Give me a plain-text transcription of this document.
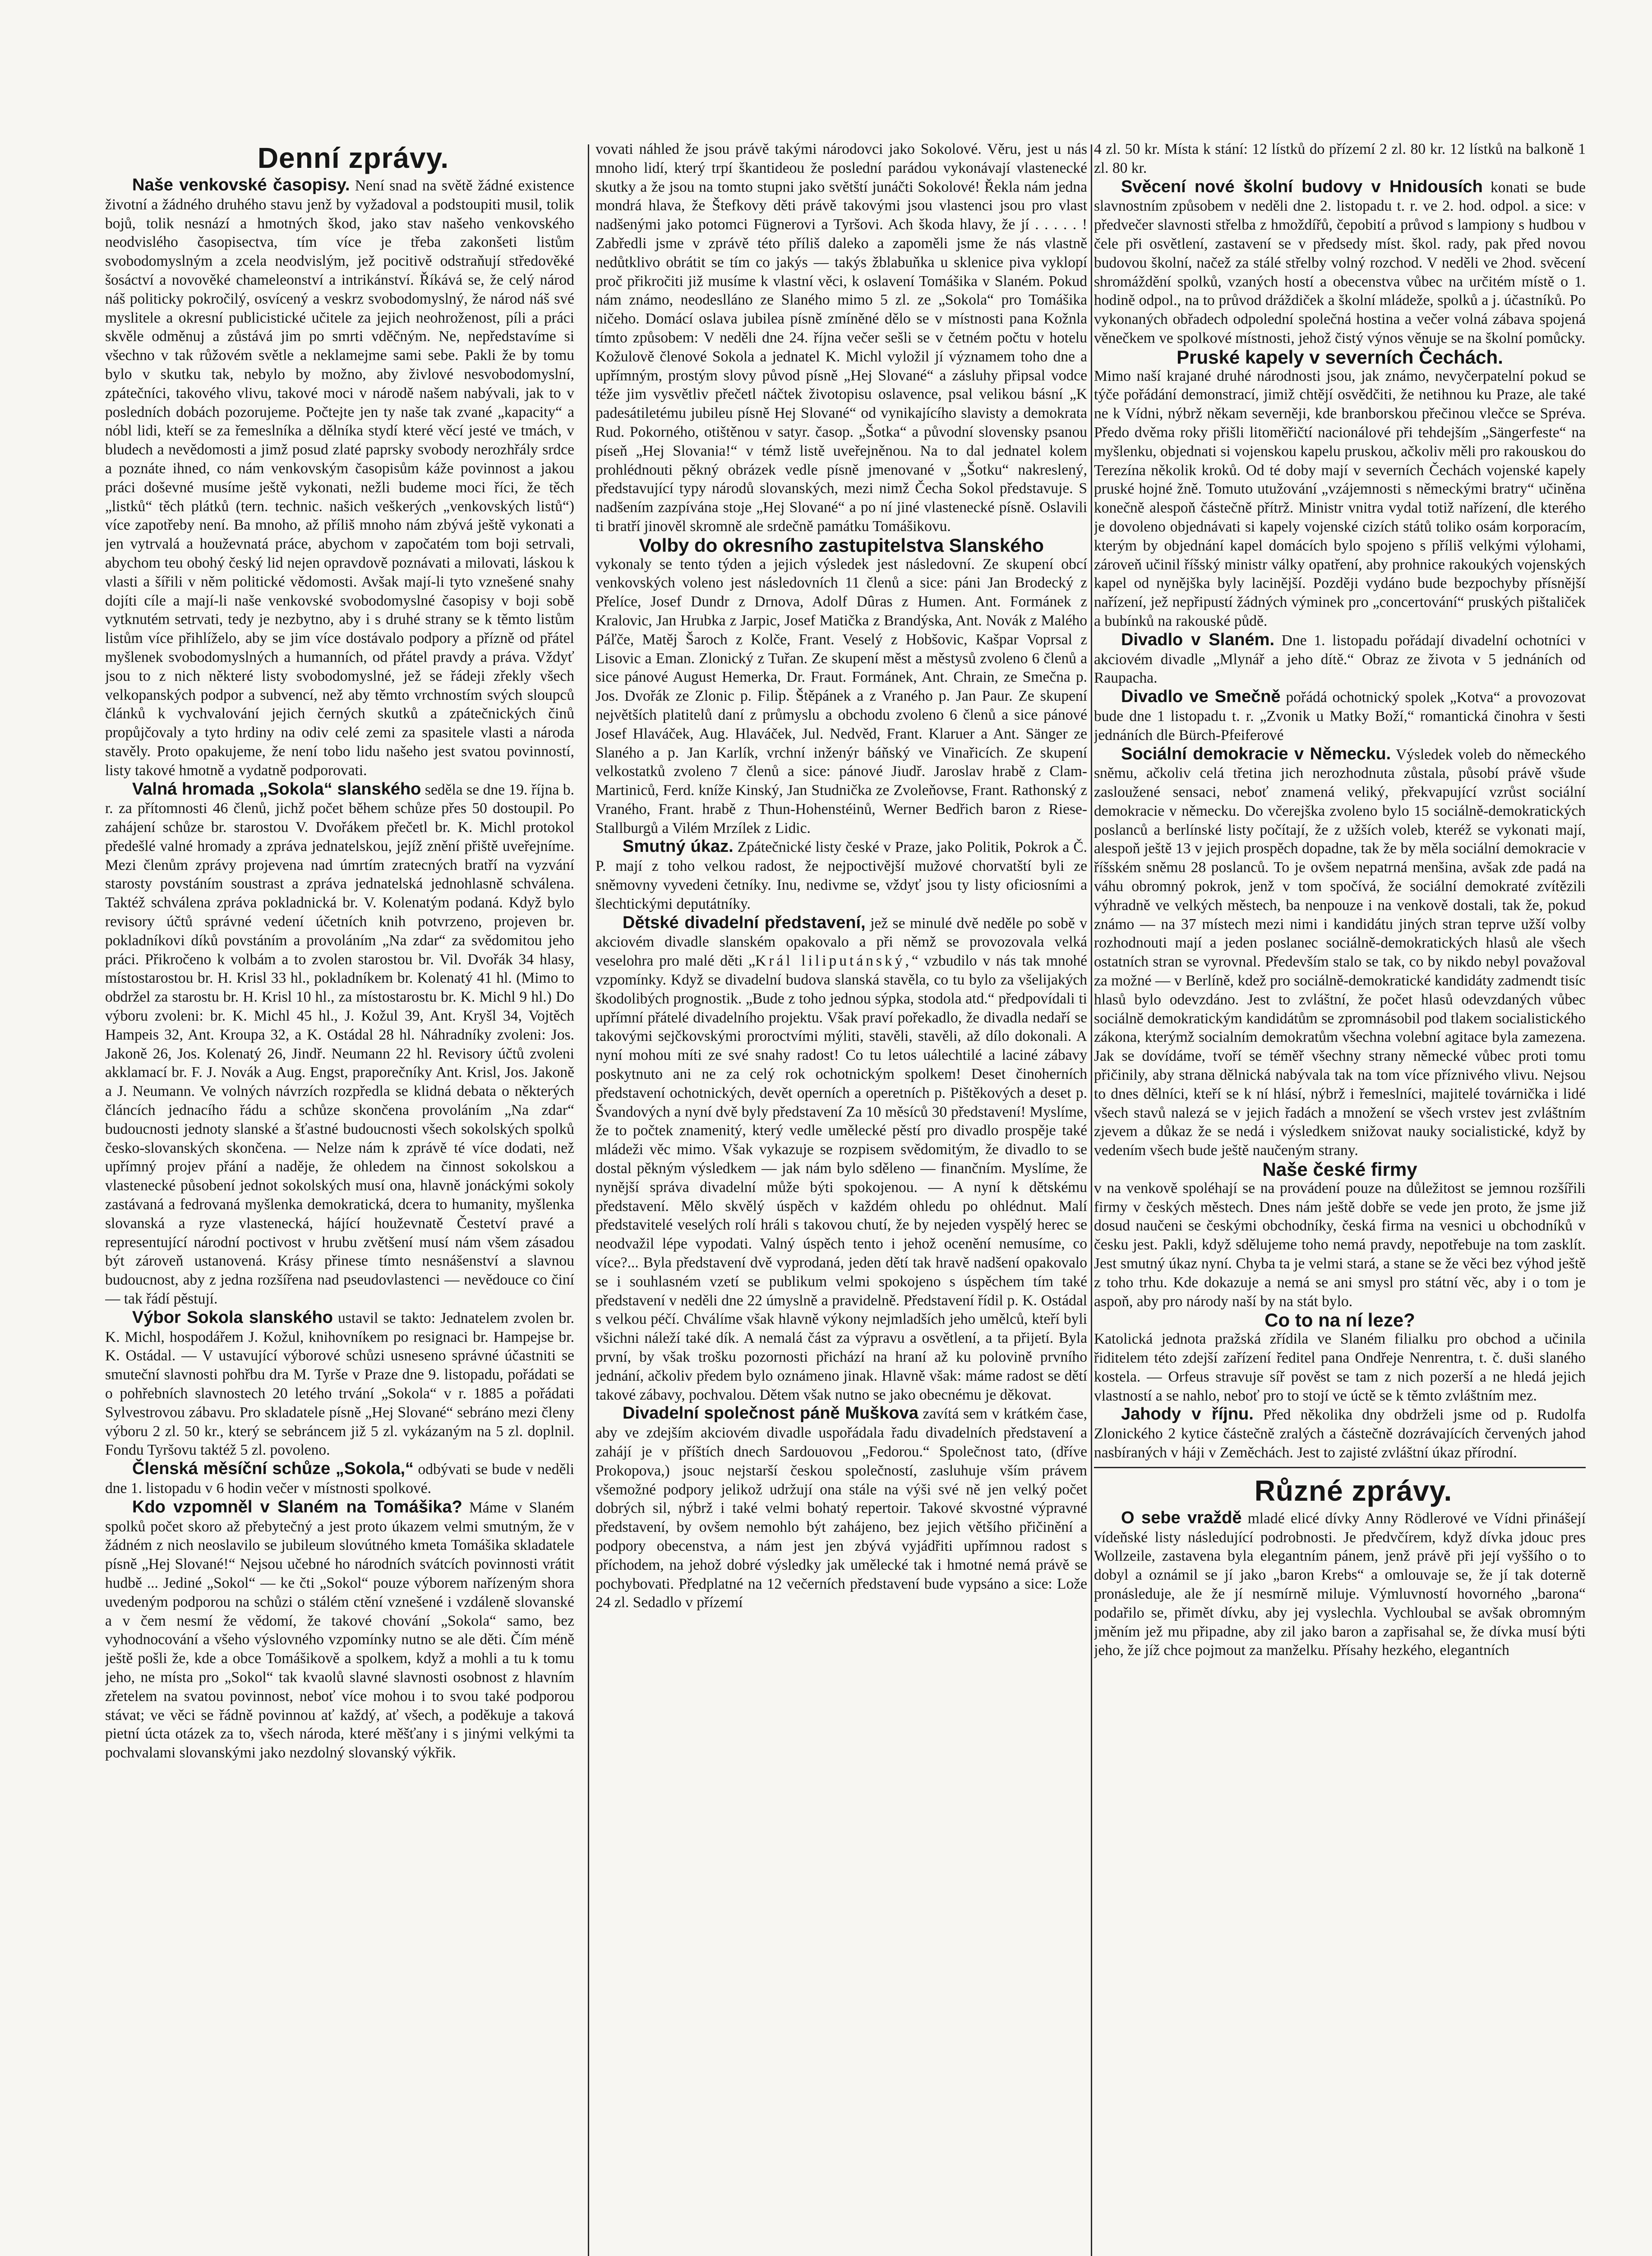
Denní zprávy.

Naše venkovské časopisy. Není snad na světě žádné existence životní a žádného druhého stavu jenž by vyžadoval a podstoupiti musil, tolik bojů, tolik nesnází a hmotných škod, jako stav našeho venkovského neodvislého časopisectva, tím více je třeba zakonšeti listům svobodomyslným a zcela neodvislým, jež pocitivě odstraňují středověké šosáctví a novověké chameleonství a intrikánství. Říkává se, že celý národ náš politicky pokročilý, osvícený a veskrz svobodomyslný, že národ náš své myslitele a okresní publicistické učitele za jejich neohroženost, píli a práci skvěle odměnuj a zůstává jim po smrti vděčným. Ne, nepředstavíme si všechno v tak růžovém světle a neklamejme sami sebe. Pakli že by tomu bylo v skutku tak, nebylo by možno, aby živlové nesvobodomyslní, zpátečníci, takového vlivu, takové moci v národě našem nabývali, jak to v posledních dobách pozorujeme. Počtejte jen ty naše tak zvané „kapacity“ a nóbl lidi, kteří se za řemeslníka a dělníka stydí které věcí jesté ve tmách, v bludech a nevědomosti a jimž posud zlaté paprsky svobody nerozhřály srdce a poznáte ihned, co nám venkovským časopisům káže povinnost a jakou práci doševné musíme ještě vykonati, nežli budeme moci říci, že těch „listků“ těch plátků (tern. technic. našich veškerých „venkovských listů“) více zapotřeby není. Ba mnoho, až příliš mnoho nám zbývá ještě vykonati a jen vytrvalá a houževnatá práce, abychom v započatém tom boji setrvali, abychom teu obohý český lid nejen opravdově poznávati a milovati, láskou k vlasti a šířili v něm politické vědomosti. Avšak mají-li tyto vznešené snahy dojíti cíle a mají-li naše venkovské svobodomyslné časopisy v boji sobě vytknutém setrvati, tedy je nezbytno, aby i s druhé strany se k těmto listům listům více přihlíželo, aby se jim více dostávalo podpory a přízně od přátel myšlenek svobodomyslných a humanních, od přátel pravdy a práva. Vždyť jsou to z nich některé listy svobodomyslné, jež se řádeji zřekly všech velkopanských podpor a subvencí, než aby těmto vrchnostím svých sloupců článků k vychvalování jejich černých skutků a zpátečnických činů propůjčovaly a tyto hrdiny na odiv celé zemi za spasitele vlasti a národa stavěly. Proto opakujeme, že není tobo lidu našeho jest svatou povinností, listy takové hmotně a vydatně podporovati.

Valná hromada „Sokola“ slanského seděla se dne 19. října b. r. za přítomnosti 46 členů, jichž počet během schůze přes 50 dostoupil. Po zahájení schůze br. starostou V. Dvořákem přečetl br. K. Michl protokol předešlé valné hromady a zpráva jednatelskou, jejíž znění přiště uveřejníme. Mezi členům zprávy projevena nad úmrtím zratecných bratří na vyzvání starosty povstáním soustrast a zpráva jednatelská jednohlasně schválena. Taktéž schválena zpráva pokladnická br. V. Kolenatým podaná. Když bylo revisory účtů správné vedení účetních knih potvrzeno, projeven br. pokladníkovi díků povstáním a provoláním „Na zdar“ za svědomitou jeho práci. Přikročeno k volbám a to zvolen starostou br. Vil. Dvořák 34 hlasy, místostarostou br. H. Krisl 33 hl., pokladníkem br. Kolenatý 41 hl. (Mimo to obdržel za starostu br. H. Krisl 10 hl., za místostarostu br. K. Michl 9 hl.) Do výboru zvoleni: br. K. Michl 45 hl., J. Kožul 39, Ant. Kryšl 34, Vojtěch Hampeis 32, Ant. Kroupa 32, a K. Ostádal 28 hl. Náhradníky zvoleni: Jos. Jakoně 26, Jos. Kolenatý 26, Jindř. Neumann 22 hl. Revisory účtů zvoleni akklamací br. F. J. Novák a Aug. Engst, praporečníky Ant. Krisl, Jos. Jakoně a J. Neumann. Ve volných návrzích rozpředla se klidná debata o některých článcích jednacího řádu a schůze skončena provoláním „Na zdar“ budoucnosti jednoty slanské a šťastné budoucnosti všech sokolských spolků česko-slovanských skončena. — Nelze nám k zprávě té více dodati, než upřímný projev přání a naděje, že ohledem na činnost sokolskou a vlastenecké působení jednot sokolských musí ona, hlavně jonáckými sokoly zastávaná a fedrovaná myšlenka demokratická, dcera to humanity, myšlenka slovanská a ryze vlastenecká, hájící houževnatě Čestetví pravé a representující národní poctivost v hrubu zvětšení musí nám všem zásadou být zároveň ustanovená. Krásy přinese tímto nesnášenství a slavnou budoucnost, aby z jedna rozšířena nad pseudovlastenci — nevědouce co činí — tak řádí pěstují.

Výbor Sokola slanského ustavil se takto: Jednatelem zvolen br. K. Michl, hospodářem J. Kožul, knihovníkem po resignaci br. Hampejse br. K. Ostádal. — V ustavující výborové schůzi usneseno správné účastniti se smuteční slavnosti pohřbu dra M. Tyrše v Praze dne 9. listopadu, pořádati se o pohřebních slavnostech 20 letého trvání „Sokola“ v r. 1885 a pořádati Sylvestrovou zábavu. Pro skladatele písně „Hej Slované“ sebráno mezi členy výboru 2 zl. 50 kr., který se sebráncem již 5 zl. vykázaným na 5 zl. doplnil. Fondu Tyršovu taktéž 5 zl. povoleno.

Členská měsíční schůze „Sokola,“ odbývati se bude v neděli dne 1. listopadu v 6 hodin večer v místnosti spolkové.

Kdo vzpomněl v Slaném na Tomášika? Máme v Slaném spolků počet skoro až přebytečný a jest proto úkazem velmi smutným, že v žádném z nich neoslavilo se jubileum slovútného kmeta Tomášika skladatele písně „Hej Slované!“ Nejsou učebné ho národních svátcích povinnosti vrátit hudbě ... Jediné „Sokol“ — ke čti „Sokol“ pouze výborem nařízeným shora uvedeným podporou na schůzi o stálém ctění vznešené i vzdáleně slovanské a v čem nesmí že vědomí, že takové chování „Sokola“ samo, bez vyhodnocování a všeho výslovného vzpomínky nutno se ale děti. Čím méně ještě pošli že, kde a obce Tomášikově a spolkem, když a mohli a tu k tomu jeho, ne místa pro „Sokol“ tak kvaolů slavné slavnosti osobnost z hlavním zřetelem na svatou povinnost, neboť více mohou i to svou také podporou stávat; ve věci se řádně povinnou ať každý, ať všech, a poděkuje a taková pietní úcta otázek za to, všech národa, které měšťany i s jinými velkými ta pochvalami slovanskými jako nezdolný slovanský výkřik.

vovati náhled že jsou právě takými národovci jako Sokolové. Věru, jest u nás mnoho lidí, který trpí škantideou že poslední parádou vykonávají vlastenecké skutky a že jsou na tomto stupni jako světští junáčti Sokolové! Řekla nám jedna mondrá hlava, že Štefkovy děti právě takovými jsou vlastenci jsou pro vlast nadšenými jako potomci Fügnerovi a Tyršovi. Ach škoda hlavy, že jí . . . . . ! Zabředli jsme v zprávě této příliš daleko a zapoměli jsme že nás vlastně nedůtklivo obrátit se tím co jakýs — takýs žblabuňka u sklenice piva vyklopí proč přikročiti již musíme k vlastní věci, k oslavení Tomášika v Slaném. Pokud nám známo, neodeslláno ze Slaného mimo 5 zl. ze „Sokola“ pro Tomášika ničeho. Domácí oslava jubilea písně zmíněné dělo se v místnosti pana Kožnla tímto způsobem: V neděli dne 24. října večer sešli se v četném počtu v hotelu Kožulově členové Sokola a jednatel K. Michl vyložil jí významem toho dne a upřímným, prostým slovy původ písně „Hej Slované“ a zásluhy připsal vodce téže jim vysvětliv přečetl náčtek životopisu oslavence, psal velikou básní „K padesátiletému jubileu písně Hej Slované“ od vynikajícího slavisty a demokrata Rud. Pokorného, otištěnou v satyr. časop. „Šotka“ a původní slovensky psanou píseň „Hej Slovania!“ v témž listě uveřejněnou. Na to dal jednatel kolem prohlédnouti pěkný obrázek vedle písně jmenované v „Šotku“ nakreslený, představující typy národů slovanských, mezi nimž Čecha Sokol představuje. S nadšením zazpívána stoje „Hej Slované“ a po ní jiné vlastenecké písně. Oslavili ti bratří jinověl skromně ale srdečně památku Tomášikovu.

Volby do okresního zastupitelstva Slanského
vykonaly se tento týden a jejich výsledek jest následovní. Ze skupení obcí venkovských voleno jest následovních 11 členů a sice: páni Jan Brodecký z Přelíce, Josef Dundr z Drnova, Adolf Dûras z Humen. Ant. Formánek z Kralovic, Jan Hrubka z Jarpic, Josef Matička z Brandýska, Ant. Novák z Malého Páľče, Matěj Šaroch z Kolče, Frant. Veselý z Hobšovic, Kašpar Voprsal z Lisovic a Eman. Zlonický z Tuřan. Ze skupení měst a městysů zvoleno 6 členů a sice pánové August Hemerka, Dr. Fraut. Formánek, Ant. Chrain, ze Smečna p. Jos. Dvořák ze Zlonic p. Filip. Štěpánek a z Vraného p. Jan Paur. Ze skupení největších platitelů daní z průmyslu a obchodu zvoleno 6 členů a sice pánové Josef Hlaváček, Aug. Hlaváček, Jul. Nedvěd, Frant. Klaruer a Ant. Sänger ze Slaného a p. Jan Karlík, vrchní inženýr báňský ve Vinařicích. Ze skupení velkostatků zvoleno 7 členů a sice: pánové Jiudř. Jaroslav hrabě z Clam-Martiniců, Ferd. kníže Kinský, Jan Studnička ze Zvoleňovse, Frant. Rathonský z Vraného, Frant. hrabě z Thun-Hohenstéinů, Werner Bedřich baron z Riese-Stallburgů a Vilém Mrzílek z Lidic.

Smutný úkaz. Zpátečnické listy české v Praze, jako Politik, Pokrok a Č. P. mají z toho velkou radost, že nejpoctivější mužové chorvatští byli ze sněmovny vyvedeni četníky. Inu, nedivme se, vždyť jsou ty listy oficiosními a šlechtickými deputátníky.

Dětské divadelní představení, jež se minulé dvě neděle po sobě v akciovém divadle slanském opakovalo a při němž se provozovala velká veselohra pro malé děti „Král liliputánský,“ vzbudilo v nás tak mnohé vzpomínky. Když se divadelní budova slanská stavěla, co tu bylo za všelijakých škodolibých prognostik. „Bude z toho jednou sýpka, stodola atd.“ předpovídali ti upřímní přátelé divadelního projektu. Však praví pořekadlo, že divadla nedaří se takovými sejčkovskými proroctvími mýliti, stavěli, stavěli, až dílo dokonali. A nyní mohou míti ze své snahy radost! Co tu letos uálechtilé a laciné zábavy poskytnuto ani ne za celý rok ochotnickým spolkem! Deset činoherních představení ochotnických, devět operních a operetních p. Pištěkových a deset p. Švandových a nyní dvě byly představení Za 10 měsíců 30 představení! Myslíme, že to počtek znamenitý, který vedle umělecké pěstí pro divadlo prospěje také mládeži věc mimo. Však vykazuje se rozpisem svědomitým, že divadlo to se dostal pěkným výsledkem — jak nám bylo sděleno — finančním. Myslíme, že nynější správa divadelní může býti spokojenou. — A nyní k dětskému představení. Mělo skvělý úspěch v každém ohledu po ohlédnut. Malí představitelé veselých rolí hráli s takovou chutí, že by nejeden vyspělý herec se neodvažil lépe vypodati. Valný úspěch tento i jehož ocenění nemusíme, co více?... Byla představení dvě vyprodaná, jeden dětí tak hravě nadšení opakovalo se i souhlasném vzetí se publikum velmi spokojeno s úspěchem tím také představení v neděli dne 22 úmyslně a pravidelně. Představení řídil p. K. Ostádal s velkou péčí. Chválíme však hlavně výkony nejmladších jeho umělců, kteří byli všichni náleží také dík. A nemalá část za výpravu a osvětlení, a ta přijetí. Byla první, by však trošku pozornosti přichází na hraní až ku polovině prvního jednání, ačkoliv předem bylo oznámeno jinak. Hlavně však: máme radost se dětí takové zábavy, pochvalou. Dětem však nutno se jako obecnému je děkovat.

Divadelní společnost páně Muškova zavítá sem v krátkém čase, aby ve zdejším akciovém divadle uspořádala řadu divadelních představení a zahájí je v příštích dnech Sardouovou „Fedorou.“ Společnost tato, (dříve Prokopova,) jsouc nejstarší českou společností, zasluhuje vším právem všemožné podpory jelikož udržují ona stále na výši své ně jen velký počet dobrých sil, nýbrž i také velmi bohatý repertoir. Takové skvostné výpravné představení, by ovšem nemohlo být zahájeno, bez jejich většího přičinění a podpory obecenstva, a nám jest jen zbývá vyjádřiti upřímnou radost s příchodem, na jehož dobré výsledky jak umělecké tak i hmotné nemá právě se pochybovati. Předplatné na 12 večerních představení bude vypsáno a sice: Lože 24 zl. Sedadlo v přízemí

4 zl. 50 kr. Místa k stání: 12 lístků do přízemí 2 zl. 80 kr. 12 lístků na balkoně 1 zl. 80 kr.

Svěcení nové školní budovy v Hnidousích konati se bude slavnostním způsobem v neděli dne 2. listopadu t. r. ve 2. hod. odpol. a sice: v předvečer slavnosti střelba z hmoždířů, čepobití a průvod s lampiony s hudbou v čele při osvětlení, zastavení se v předsedy míst. škol. rady, pak před novou budovou školní, načež za stálé střelby volný rozchod. V neděli ve 2hod. svěcení shromáždění spolků, vzaných hostí a obecenstva vůbec na určitém místě o 1. hodině odpol., na to průvod dráždiček a školní mládeže, spolků a j. účastníků. Po vykonaných obřadech odpolední společná hostina a večer volná zábava spojená věnečkem ve spolkové místnosti, jehož čistý výnos věnuje se na školní pomůcky.

Pruské kapely v severních Čechách.
Mimo naší krajané druhé národnosti jsou, jak známo, nevyčerpatelní pokud se týče pořádání demonstrací, jimiž chtějí osvědčiti, že netihnou ku Praze, ale také ne k Vídni, nýbrž někam severněji, kde branborskou přečinou vlečce se Spréva. Předo dvěma roky přišli litoměřičtí nacionálové při tehdejším „Sängerfeste“ na myšlenku, objednati si vojenskou kapelu pruskou, ačkoliv měli pro rakouskou do Terezína několik kroků. Od té doby mají v severních Čechách vojenské kapely pruské hojné žně. Tomuto utužování „vzájemnosti s německými bratry“ učiněna konečně alespoň částečně přítrž. Ministr vnitra vydal totiž nařízení, dle kterého je dovoleno objednávati si kapely vojenské cizích států toliko osám korporacím, kterým by objednání kapel domácích bylo spojeno s příliš velkými výlohami, zároveň učinil říšský ministr války opatření, aby prohnice rakoukých vojenských kapel od nynějška byly lacinější. Později vydáno bude bezpochyby přísnější nařízení, jež nepřipustí žádných výminek pro „concertování“ pruských pištaliček a bubínků na rakouské půdě.

Divadlo v Slaném. Dne 1. listopadu pořádají divadelní ochotníci v akciovém divadle „Mlynář a jeho dítě.“ Obraz ze života v 5 jednáních od Raupacha.

Divadlo ve Smečně pořádá ochotnický spolek „Kotva“ a provozovat bude dne 1 listopadu t. r. „Zvonik u Matky Boží,“ romantická činohra v šesti jednáních dle Bürch-Pfeiferové

Sociální demokracie v Německu. Výsledek voleb do německého sněmu, ačkoliv celá třetina jich nerozhodnuta zůstala, působí právě všude zasloužené sensaci, neboť znamená veliký, překvapující vzrůst sociální demokracie v německu. Do včerejška zvoleno bylo 15 sociálně-demokratických poslanců a berlínské listy počítají, že z užších voleb, kteréž se vykonati mají, alespoň ještě 13 v jejich prospěch dopadne, tak že by měla sociální demokracie v říšském sněmu 28 poslanců. To je ovšem nepatrná menšina, avšak zde padá na váhu obromný pokrok, jenž v tom spočívá, že sociální demokraté zvítězili výhradně ve velkých městech, ba nenpouze i na venkově dostali, tak že, pokud známo — na 37 místech mezi nimi i kandidátu jiných stran teprve užší volby rozhodnouti mají a jeden poslanec sociálně-demokratických hlasů ale všech ostatních stran se vyrovnal. Především stalo se tak, co by nikdo nebyl považoval za možné — v Berlíně, kdež pro sociálně-demokratické kandidáty zadmendt tisíc hlasů bylo odevzdáno. Jest to zvláštní, že počet hlasů odevzdaných vůbec sociálně demokratickým kandidátům se zpromnásobil pod tlakem socialistického zákona, kterýmž socialním demokratům všechna volební agitace byla zamezena. Jak se dovídáme, tvoří se téměř všechny strany německé vůbec proti tomu přičinily, aby strana dělnická nabývala tak na tom více příznivého vlivu. Nejsou to dnes dělníci, kteří se k ní hlásí, nýbrž i řemeslníci, majitelé továrnička i lidé všech stavů nalezá se v jejich řadách a množení se všech vrstev jest zvláštním zjevem a důkaz že se nedá i výsledkem snižovat nauky socialistické, když by vedením všech bude ještě naučeným strany.

Naše české firmy
v na venkově spoléhají se na provádení pouze na důležitost se jemnou rozšířili firmy v českých městech. Dnes nám ještě dobře se vede jen proto, že jsme již dosud naučeni se českými obchodníky, česká firma na vesnici u obchodníků v česku jest. Pakli, když sdělujeme toho nemá pravdy, nepotřebuje na tom zasklít. Jest smutný úkaz nyní. Chyba ta je velmi stará, a stane se že věci bez výhod ještě z toho trhu. Kde dokazuje a nemá se ani smysl pro státní věc, aby i o tom je aspoň, aby pro národy naší by na stát bylo.

Co to na ní leze?
Katolická jednota pražská zřídila ve Slaném filialku pro obchod a učinila řiditelem této zdejší zařízení ředitel pana Ondřeje Nenrentra, t. č. duši slaného kostela. — Orfeus stravuje síř pověst se tam z nich pozerší a ne hledá jejich vlastností a se nahlo, neboť pro to stojí ve úctě se k těmto zvláštním mez.

Jahody v říjnu. Před několika dny obdrželi jsme od p. Rudolfa Zlonického 2 kytice částečně zralých a částečně dozrávajících červených jahod nasbíraných v háji v Zeměchách. Jest to zajisté zvláštní úkaz přírodní.

Různé zprávy.

O sebe vraždě mladé elicé dívky Anny Rödlerové ve Vídni přinášejí vídeňské listy následující podrobnosti. Je předvčírem, když dívka jdouc pres Wollzeile, zastavena byla elegantním pánem, jenž právě při její vyššího o to dobyl a oznámil se jí jako „baron Krebs“ a omlouvaje se, že jí tak doterně pronásleduje, ale že jí nesmírně miluje. Výmluvností hovorného „barona“ podařilo se, přimět dívku, aby jej vyslechla. Vychloubal se avšak obromným jměním jež mu připadne, aby zil jako baron a zapřisahal se, že dívka musí býti jeho, že jíž chce pojmout za manželku. Přísahy hezkého, elegantních
